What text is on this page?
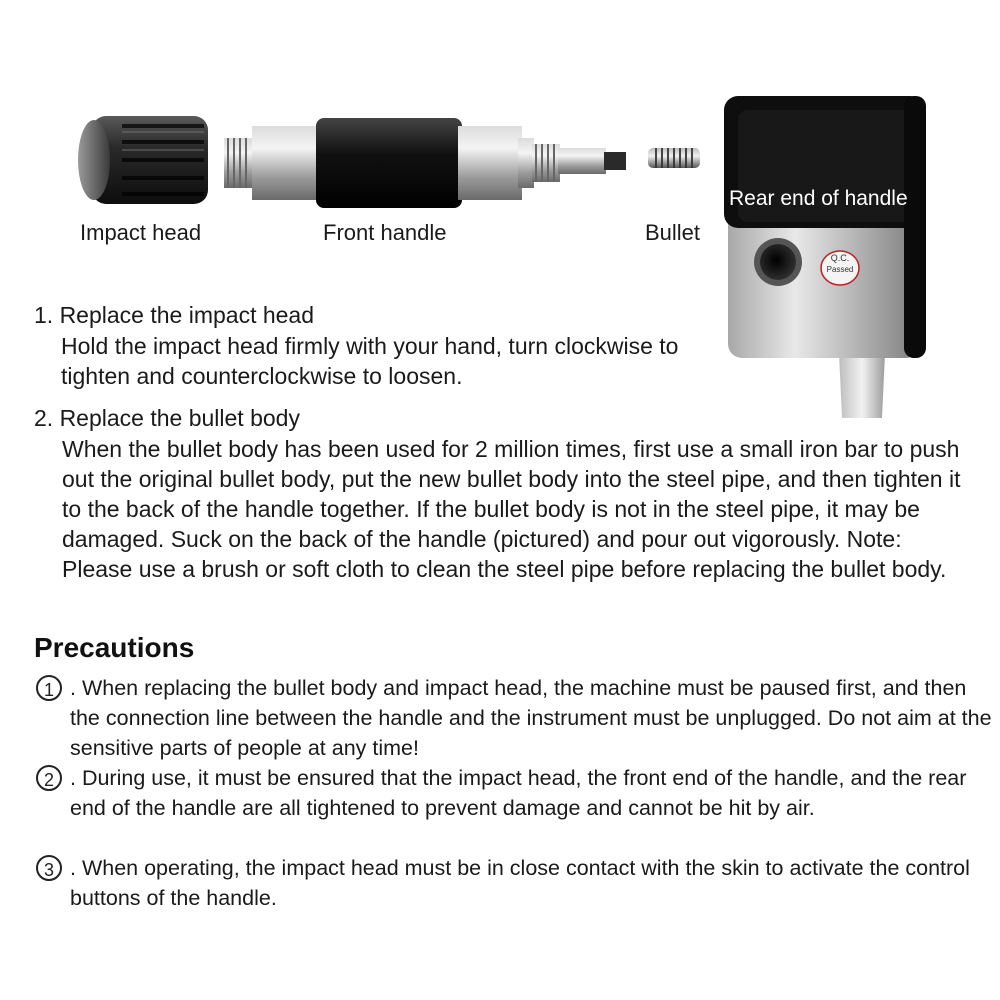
Q.C.
Passed
Rear end of handle
Impact head	Front handle	Bullet
1. Replace the impact head
Hold the impact head firmly with your hand, turn clockwise to tighten and counterclockwise to loosen.
2. Replace the bullet body
When the bullet body has been used for 2 million times, first use a small iron bar to push out the original bullet body, put the new bullet body into the steel pipe, and then tighten it to the back of the handle together. If the bullet body is not in the steel pipe, it may be damaged. Suck on the back of the handle (pictured) and pour out vigorously. Note: Please use a brush or soft cloth to clean the steel pipe before replacing the bullet body.
Precautions
1 . When replacing the bullet body and impact head, the machine must be paused first, and then the connection line between the handle and the instrument must be unplugged. Do not aim at the sensitive parts of people at any time!
2 . During use, it must be ensured that the impact head, the front end of the handle, and the rear end of the handle are all tightened to prevent damage and cannot be hit by air.
3 . When operating, the impact head must be in close contact with the skin to activate the control buttons of the handle.
